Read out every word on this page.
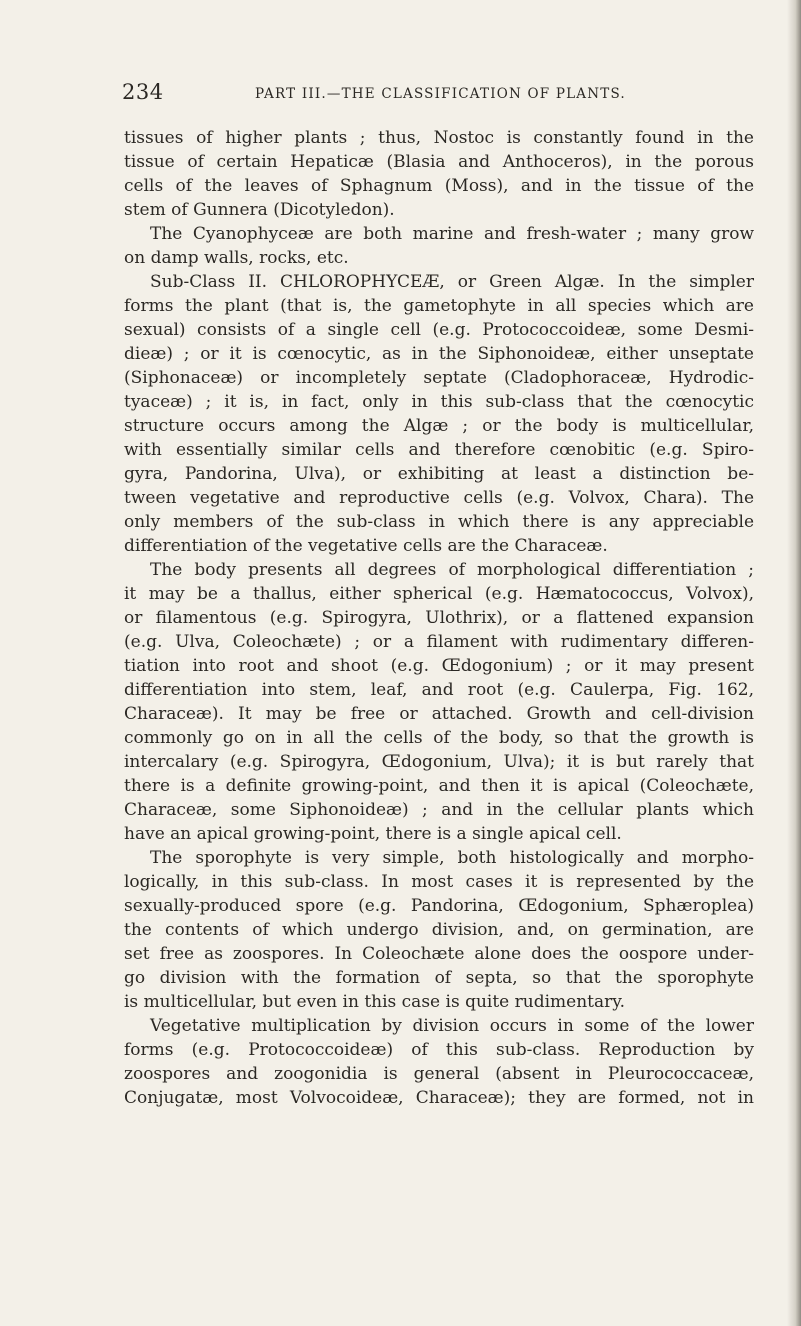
234	PART III.—THE CLASSIFICATION OF PLANTS.
tissues of higher plants ; thus, Nostoc is constantly found in the
tissue of certain Hepaticæ (Blasia and Anthoceros), in the porous
cells of the leaves of Sphagnum (Moss), and in the tissue of the
stem of Gunnera (Dicotyledon).
The Cyanophyceæ are both marine and fresh-water ; many grow
on damp walls, rocks, etc.
Sub-Class II. CHLOROPHYCEÆ, or Green Algæ. In the simpler
forms the plant (that is, the gametophyte in all species which are
sexual) consists of a single cell (e.g. Protococcoideæ, some Desmi-
dieæ) ; or it is cœnocytic, as in the Siphonoideæ, either unseptate
(Siphonaceæ) or incompletely septate (Cladophoraceæ, Hydrodic-
tyaceæ) ; it is, in fact, only in this sub-class that the cœnocytic
structure occurs among the Algæ ; or the body is multicellular,
with essentially similar cells and therefore cœnobitic (e.g. Spiro-
gyra, Pandorina, Ulva), or exhibiting at least a distinction be-
tween vegetative and reproductive cells (e.g. Volvox, Chara). The
only members of the sub-class in which there is any appreciable
differentiation of the vegetative cells are the Characeæ.
The body presents all degrees of morphological differentiation ;
it may be a thallus, either spherical (e.g. Hæmatococcus, Volvox),
or filamentous (e.g. Spirogyra, Ulothrix), or a flattened expansion
(e.g. Ulva, Coleochæte) ; or a filament with rudimentary differen-
tiation into root and shoot (e.g. Œdogonium) ; or it may present
differentiation into stem, leaf, and root (e.g. Caulerpa, Fig. 162,
Characeæ). It may be free or attached. Growth and cell-division
commonly go on in all the cells of the body, so that the growth is
intercalary (e.g. Spirogyra, Œdogonium, Ulva); it is but rarely that
there is a definite growing-point, and then it is apical (Coleochæte,
Characeæ, some Siphonoideæ) ; and in the cellular plants which
have an apical growing-point, there is a single apical cell.
The sporophyte is very simple, both histologically and morpho-
logically, in this sub-class. In most cases it is represented by the
sexually-produced spore (e.g. Pandorina, Œdogonium, Sphæroplea)
the contents of which undergo division, and, on germination, are
set free as zoospores. In Coleochæte alone does the oospore under-
go division with the formation of septa, so that the sporophyte
is multicellular, but even in this case is quite rudimentary.
Vegetative multiplication by division occurs in some of the lower
forms (e.g. Protococcoideæ) of this sub-class. Reproduction by
zoospores and zoogonidia is general (absent in Pleurococcaceæ,
Conjugatæ, most Volvocoideæ, Characeæ); they are formed, not in
